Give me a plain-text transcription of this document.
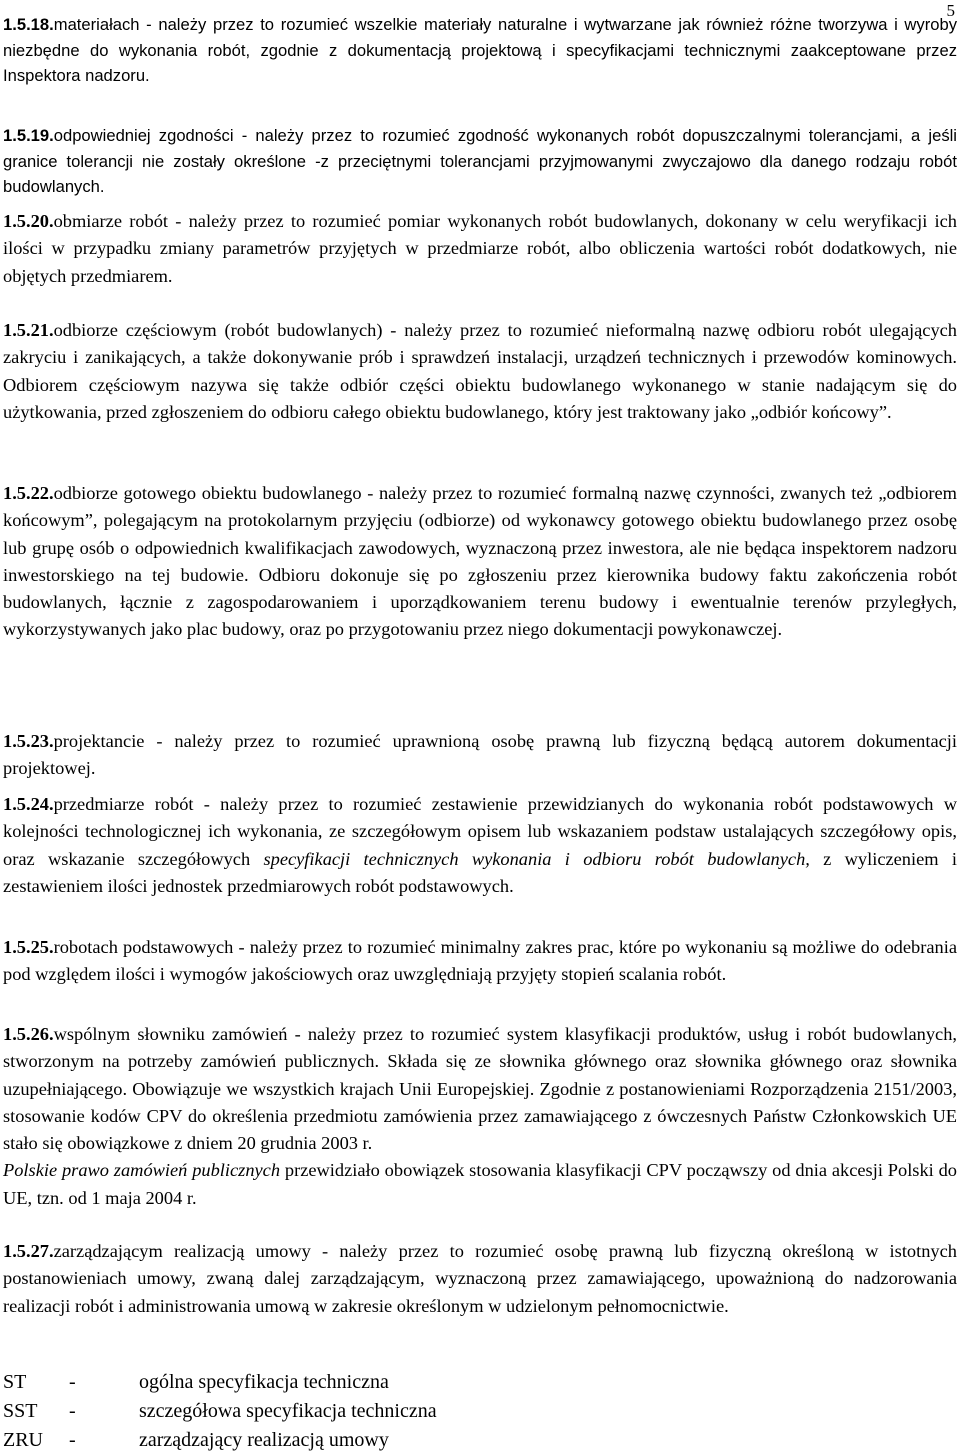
5

1.5.18.materiałach - należy przez to rozumieć wszelkie materiały naturalne i wytwarzane jak również różne tworzywa i wyroby niezbędne do wykonania robót, zgodnie z dokumentacją projektową i specyfikacjami technicznymi zaakceptowane przez Inspektora nadzoru.

1.5.19.odpowiedniej zgodności - należy przez to rozumieć zgodność wykonanych robót dopuszczalnymi tolerancjami, a jeśli granice tolerancji nie zostały określone -z przeciętnymi tolerancjami przyjmowanymi zwyczajowo dla danego rodzaju robót budowlanych.

1.5.20.obmiarze robót - należy przez to rozumieć pomiar wykonanych robót budowlanych, dokonany w celu weryfikacji ich ilości w przypadku zmiany parametrów przyjętych w przedmiarze robót, albo obliczenia wartości robót dodatkowych, nie objętych przedmiarem.

1.5.21.odbiorze częściowym (robót budowlanych) - należy przez to rozumieć nieformalną nazwę odbioru robót ulegających zakryciu i zanikających, a także dokonywanie prób i sprawdzeń instalacji, urządzeń technicznych i przewodów kominowych. Odbiorem częściowym nazywa się także odbiór części obiektu budowlanego wykonanego w stanie nadającym się do użytkowania, przed zgłoszeniem do odbioru całego obiektu budowlanego, który jest traktowany jako „odbiór końcowy”.

1.5.22.odbiorze gotowego obiektu budowlanego - należy przez to rozumieć formalną nazwę czynności, zwanych też „odbiorem końcowym”, polegającym na protokolarnym przyjęciu (odbiorze) od wykonawcy gotowego obiektu budowlanego przez osobę lub grupę osób o odpowiednich kwalifikacjach zawodowych, wyznaczoną przez inwestora, ale nie będąca inspektorem nadzoru inwestorskiego na tej budowie. Odbioru dokonuje się po zgłoszeniu przez kierownika budowy faktu zakończenia robót budowlanych, łącznie z zagospodarowaniem i uporządkowaniem terenu budowy i ewentualnie terenów przyległych, wykorzystywanych jako plac budowy, oraz po przygotowaniu przez niego dokumentacji powykonawczej.

1.5.23.projektancie - należy przez to rozumieć uprawnioną osobę prawną lub fizyczną będącą autorem dokumentacji projektowej.

1.5.24.przedmiarze robót - należy przez to rozumieć zestawienie przewidzianych do wykonania robót podstawowych w kolejności technologicznej ich wykonania, ze szczegółowym opisem lub wskazaniem podstaw ustalających szczegółowy opis, oraz wskazanie szczegółowych specyfikacji technicznych wykonania i odbioru robót budowlanych, z wyliczeniem i zestawieniem ilości jednostek przedmiarowych robót podstawowych.

1.5.25.robotach podstawowych - należy przez to rozumieć minimalny zakres prac, które po wykonaniu są możliwe do odebrania pod względem ilości i wymogów jakościowych oraz uwzględniają przyjęty stopień scalania robót.

1.5.26.wspólnym słowniku zamówień - należy przez to rozumieć system klasyfikacji produktów, usług i robót budowlanych, stworzonym na potrzeby zamówień publicznych. Składa się ze słownika głównego oraz słownika głównego oraz słownika uzupełniającego. Obowiązuje we wszystkich krajach Unii Europejskiej. Zgodnie z postanowieniami Rozporządzenia 2151/2003, stosowanie kodów CPV do określenia przedmiotu zamówienia przez zamawiającego z ówczesnych Państw Członkowskich UE stało się obowiązkowe z dniem 20 grudnia 2003 r.

Polskie prawo zamówień publicznych przewidziało obowiązek stosowania klasyfikacji CPV począwszy od dnia akcesji Polski do UE, tzn. od 1 maja 2004 r.

1.5.27.zarządzającym realizacją umowy - należy przez to rozumieć osobę prawną lub fizyczną określoną w istotnych postanowieniach umowy, zwaną dalej zarządzającym, wyznaczoną przez zamawiającego, upoważnioną do nadzorowania realizacji robót i administrowania umową w zakresie określonym w udzielonym pełnomocnictwie.

ST	-	ogólna specyfikacja techniczna
SST	-	szczegółowa specyfikacja techniczna
ZRU	-	zarządzający realizacją umowy
